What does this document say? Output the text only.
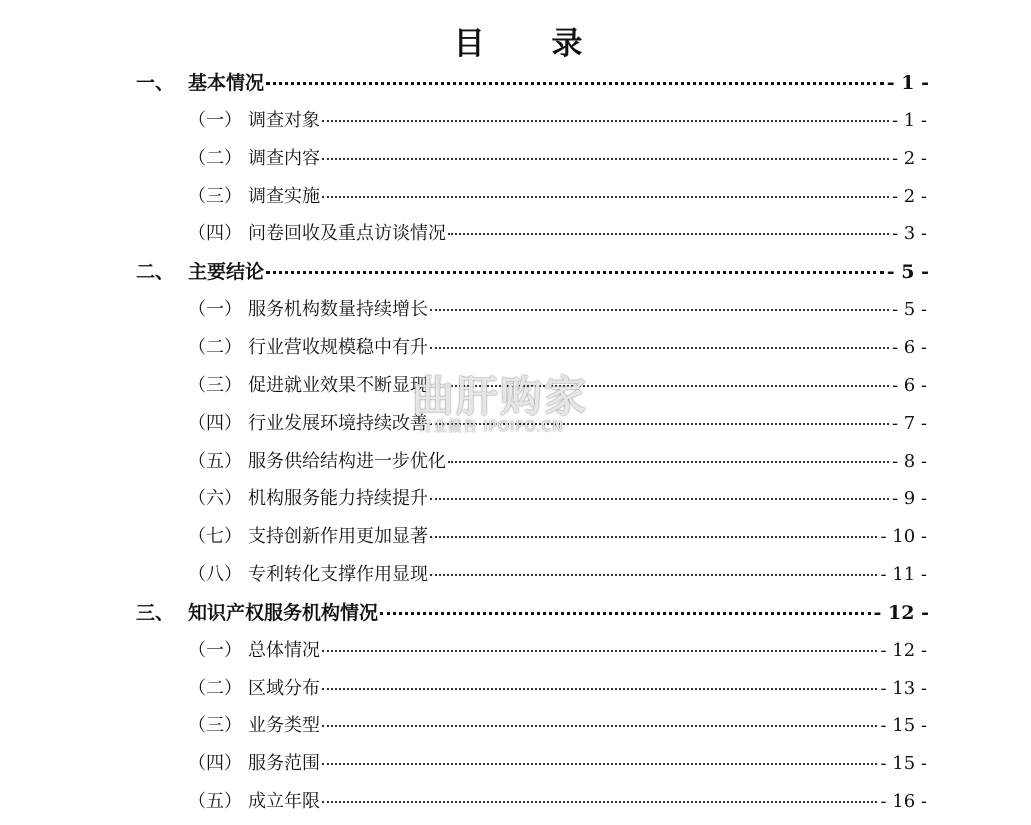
目 录
一、 基本情况	- 1 -
（一） 调查对象	- 1 -
（二） 调查内容	- 2 -
（三） 调查实施	- 2 -
（四） 问卷回收及重点访谈情况	- 3 -
二、 主要结论	- 5 -
（一） 服务机构数量持续增长	- 5 -
（二） 行业营收规模稳中有升	- 6 -
（三） 促进就业效果不断显现	- 6 -
（四） 行业发展环境持续改善	- 7 -
（五） 服务供给结构进一步优化	- 8 -
（六） 机构服务能力持续提升	- 9 -
（七） 支持创新作用更加显著	- 10 -
（八） 专利转化支撑作用显现	- 11 -
三、 知识产权服务机构情况	- 12 -
（一） 总体情况	- 12 -
（二） 区域分布	- 13 -
（三） 业务类型	- 15 -
（四） 服务范围	- 15 -
（五） 成立年限	- 16 -
曲肝购家
行业报告 IPOIPO.CN
